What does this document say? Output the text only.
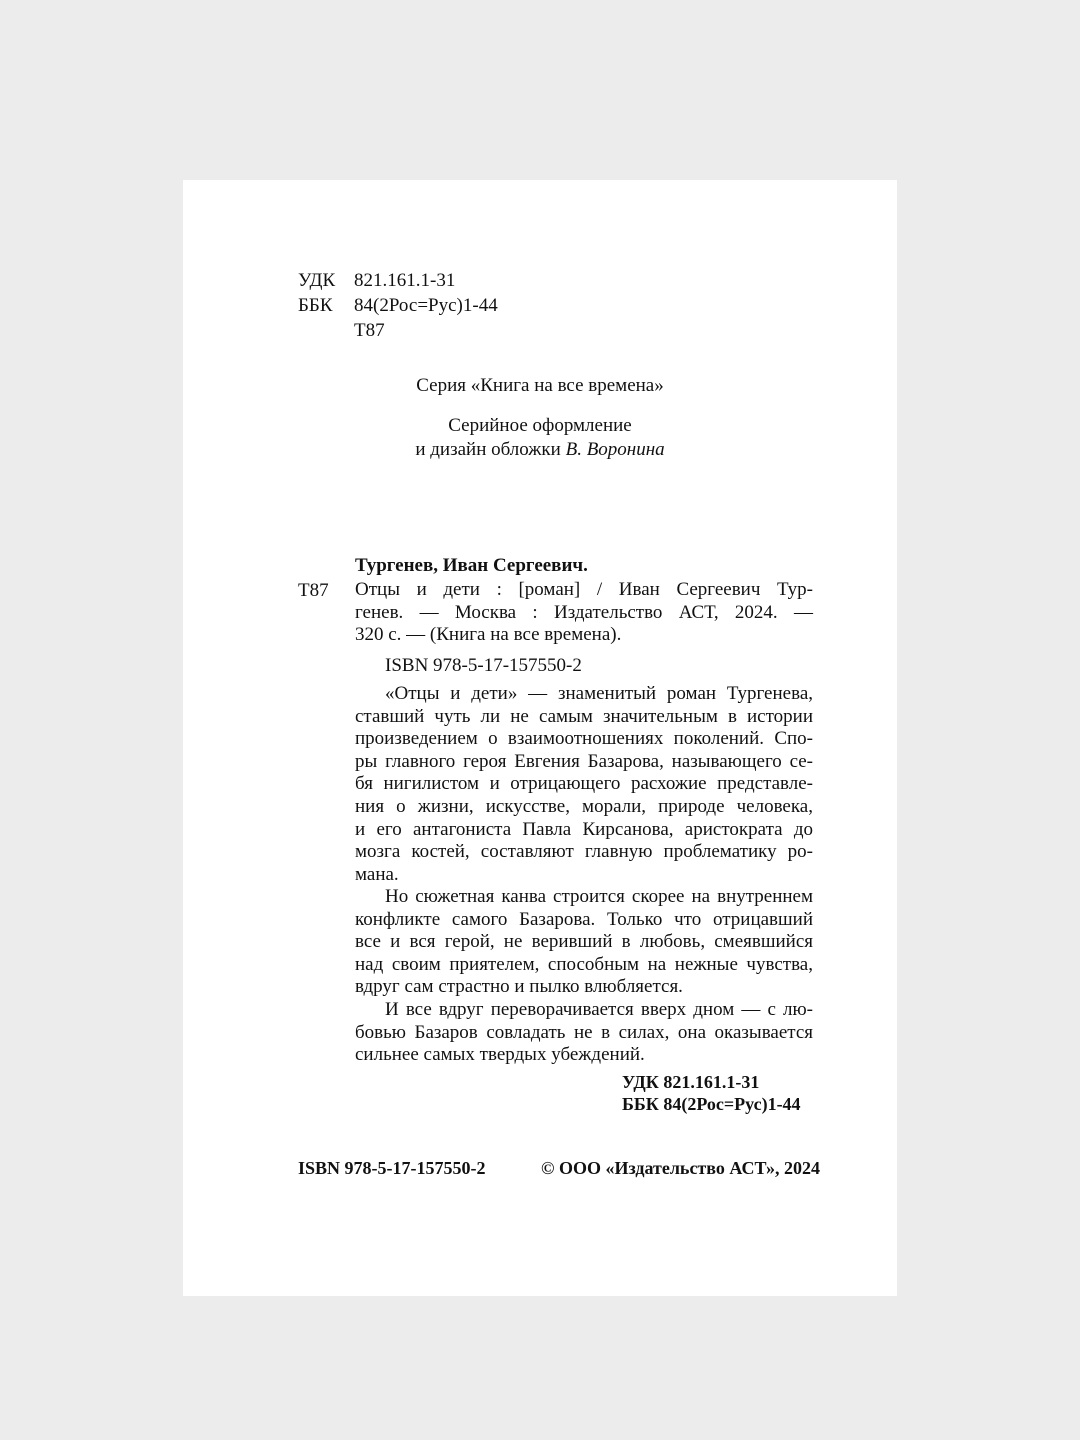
УДК 821.161.1-31
ББК 84(2Рос=Рус)1-44
Т87
Серия «Книга на все времена»
Серийное оформление
и дизайн обложки В. Воронина
Тургенев, Иван Сергеевич.
Т87 Отцы и дети : [роман] / Иван Сергеевич Тур-
генев. — Москва : Издательство АСТ, 2024. —
320 с. — (Книга на все времена).
ISBN 978-5-17-157550-2
«Отцы и дети» — знаменитый роман Тургенева,
ставший чуть ли не самым значительным в истории
произведением о взаимоотношениях поколений. Спо-
ры главного героя Евгения Базарова, называющего се-
бя нигилистом и отрицающего расхожие представле-
ния о жизни, искусстве, морали, природе человека,
и его антагониста Павла Кирсанова, аристократа до
мозга костей, составляют главную проблематику ро-
мана.
Но сюжетная канва строится скорее на внутреннем
конфликте самого Базарова. Только что отрицавший
все и вся герой, не веривший в любовь, смеявшийся
над своим приятелем, способным на нежные чувства,
вдруг сам страстно и пылко влюбляется.
И все вдруг переворачивается вверх дном — с лю-
бовью Базаров совладать не в силах, она оказывается
сильнее самых твердых убеждений.
УДК 821.161.1-31
ББК 84(2Рос=Рус)1-44
ISBN 978-5-17-157550-2	© ООО «Издательство АСТ», 2024
